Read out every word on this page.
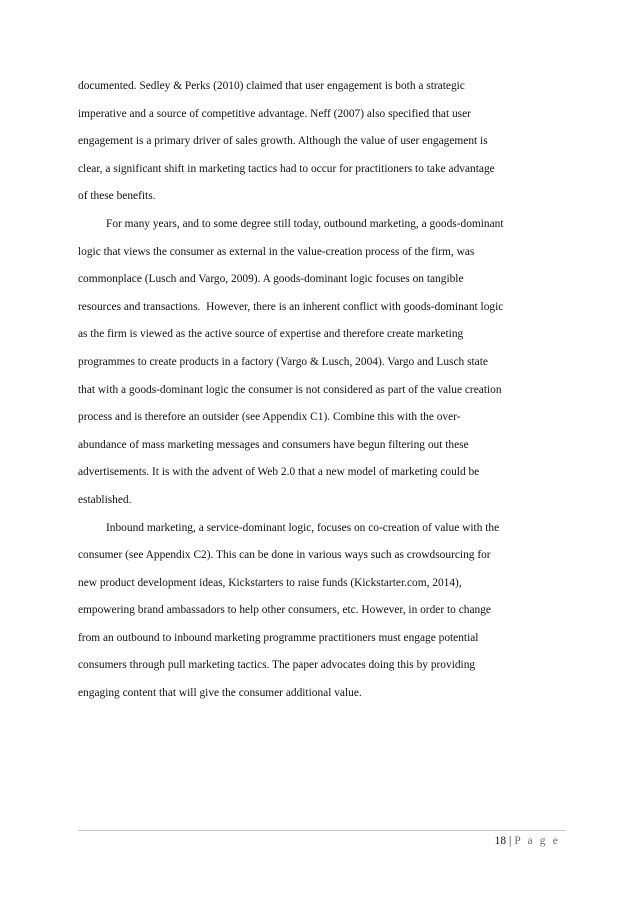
documented. Sedley & Perks (2010) claimed that user engagement is both a strategic
imperative and a source of competitive advantage. Neff (2007) also specified that user
engagement is a primary driver of sales growth. Although the value of user engagement is
clear, a significant shift in marketing tactics had to occur for practitioners to take advantage
of these benefits.
For many years, and to some degree still today, outbound marketing, a goods-dominant
logic that views the consumer as external in the value-creation process of the firm, was
commonplace (Lusch and Vargo, 2009). A goods-dominant logic focuses on tangible
resources and transactions.  However, there is an inherent conflict with goods-dominant logic
as the firm is viewed as the active source of expertise and therefore create marketing
programmes to create products in a factory (Vargo & Lusch, 2004). Vargo and Lusch state
that with a goods-dominant logic the consumer is not considered as part of the value creation
process and is therefore an outsider (see Appendix C1). Combine this with the over-
abundance of mass marketing messages and consumers have begun filtering out these
advertisements. It is with the advent of Web 2.0 that a new model of marketing could be
established.
Inbound marketing, a service-dominant logic, focuses on co-creation of value with the
consumer (see Appendix C2). This can be done in various ways such as crowdsourcing for
new product development ideas, Kickstarters to raise funds (Kickstarter.com, 2014),
empowering brand ambassadors to help other consumers, etc. However, in order to change
from an outbound to inbound marketing programme practitioners must engage potential
consumers through pull marketing tactics. The paper advocates doing this by providing
engaging content that will give the consumer additional value.
18 | P a g e
